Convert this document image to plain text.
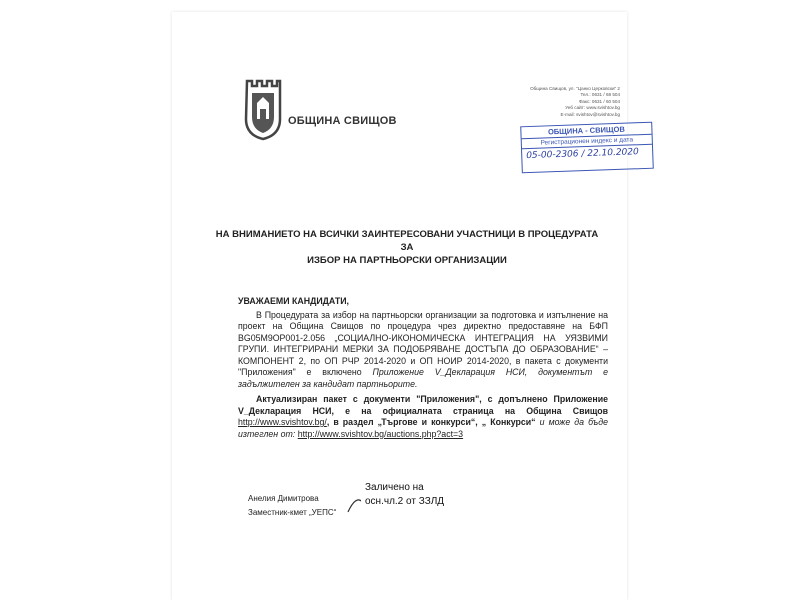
ОБЩИНА СВИЩОВ
Община Свищов, ул. "Цанко Церковски" 2
Тел.: 0631 / 68 504
Факс: 0631 / 60 504
Уеб сайт: www.svishtov.bg
E-mail: svishtov@svishtov.bg
ОБЩИНА - СВИЩОВ
Регистрационен индекс и дата
05-00-2306 / 22.10.2020
НА ВНИМАНИЕТО НА ВСИЧКИ ЗАИНТЕРЕСОВАНИ УЧАСТНИЦИ В ПРОЦЕДУРАТА ЗА
ИЗБОР НА ПАРТНЬОРСКИ ОРГАНИЗАЦИИ

УВАЖАЕМИ КАНДИДАТИ,

В Процедурата за избор на партньорски организации за подготовка и изпълнение на проект на Община Свищов по процедура чрез директно предоставяне на БФП BG05M9OP001-2.056 „СОЦИАЛНО-ИКОНОМИЧЕСКА ИНТЕГРАЦИЯ НА УЯЗВИМИ ГРУПИ. ИНТЕГРИРАНИ МЕРКИ ЗА ПОДОБРЯВАНЕ ДОСТЪПА ДО ОБРАЗОВАНИЕ“ – КОМПОНЕНТ 2, по ОП РЧР 2014-2020 и ОП НОИР 2014-2020, в пакета с документи "Приложения" е включено Приложение V_Декларация НСИ, документът е задължителен за кандидат партньорите.

Актуализиран пакет с документи "Приложения", с допълнено Приложение V_Декларация НСИ, е на официалната страница на Община Свищов http://www.svishtov.bg/, в раздел „Търгове и конкурси“, „ Конкурси“ и може да бъде изтеглен от: http://www.svishtov.bg/auctions.php?act=3

Анелия Димитрова
Заместник-кмет „УЕПС“
Заличено на
осн.чл.2 от ЗЗЛД
